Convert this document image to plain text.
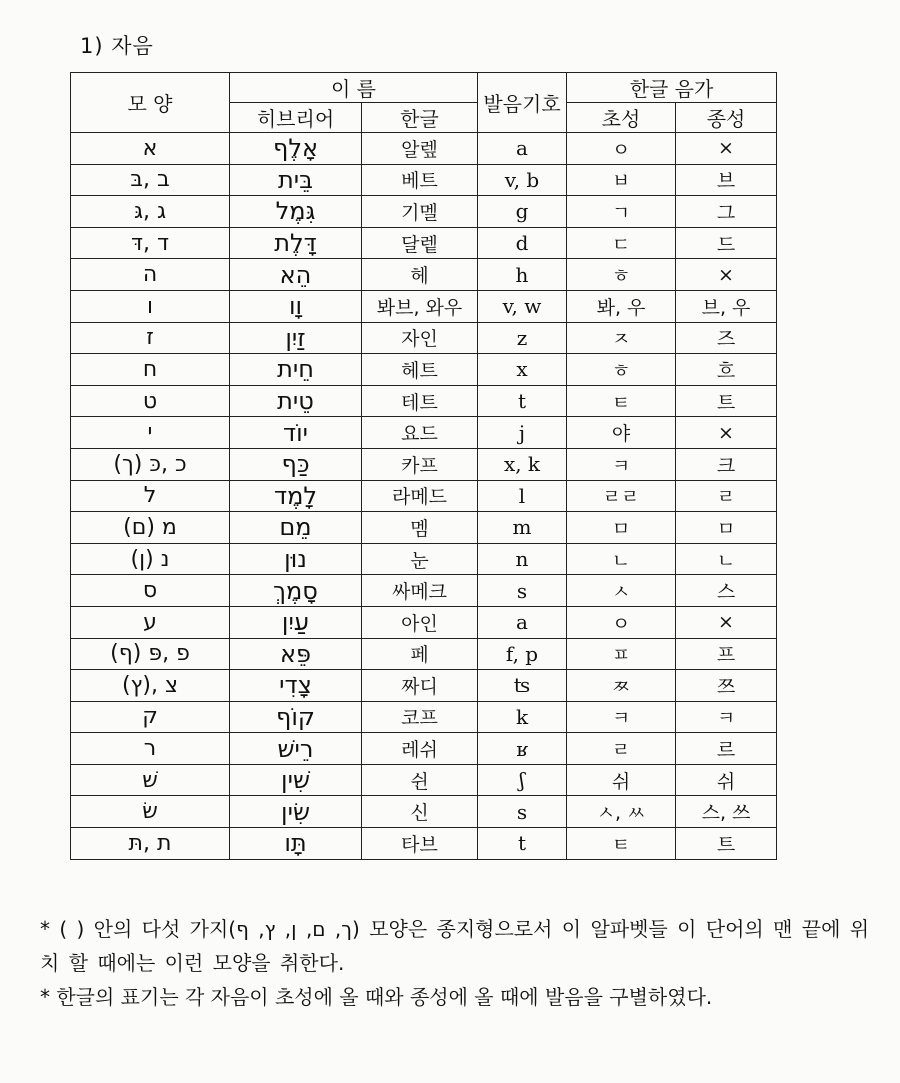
1) 자음
모 양	이 름		발음기호	한글 음가	
	히브리어	한글		초성	종성
א	אָלֶף	알렢	a	ㅇ	×
ב ,בּ	בֵּית	베트	v, b	ㅂ	브
ג ,גּ	גִּמֶל	기멜	g	ㄱ	그
ד ,דּ	דָּלֶת	달렡	d	ㄷ	드
ה	הֵא	헤	h	ㅎ	×
ו	וָו	봐브, 와우	v, w	봐, 우	브, 우
ז	זַיִן	자인	z	ㅈ	즈
ח	חֵית	헤트	x	ㅎ	흐
ט	טֵית	테트	t	ㅌ	트
י	יוֹד	요드	j	야	×
כ ,כּ (ך)	כַּף	카프	x, k	ㅋ	크
ל	לָמֶד	라메드	l	ㄹㄹ	ㄹ
מ (ם)	מֵם	멤	m	ㅁ	ㅁ
נ (ן)	נוּן	눈	n	ㄴ	ㄴ
ס	סָמֶךְ	싸메크	s	ㅅ	스
ע	עַיִן	아인	a	ㅇ	×
פ ,פּ (ף)	פֵּא	페	f, p	ㅍ	프
צ ,(ץ)	צָדִי	짜디	ʦ	ㅉ	쯔
ק	קוֹף	코프	k	ㅋ	ㅋ
ר	רֵישׁ	레쉬	ʁ	ㄹ	르
שׁ	שִׁין	쉰	ʃ	쉬	쉬
שׂ	שִׂין	신	s	ㅅ, ㅆ	스, 쓰
ת ,תּ	תָּו	타브	t	ㅌ	트

* ( ) 안의 다섯 가지(ך, ם, ן, ץ, ף) 모양은 종지형으로서 이 알파벳들 이 단어의 맨 끝에 위치 할 때에는 이런 모양을 취한다.

* 한글의 표기는 각 자음이 초성에 올 때와 종성에 올 때에 발음을 구별하였다.
